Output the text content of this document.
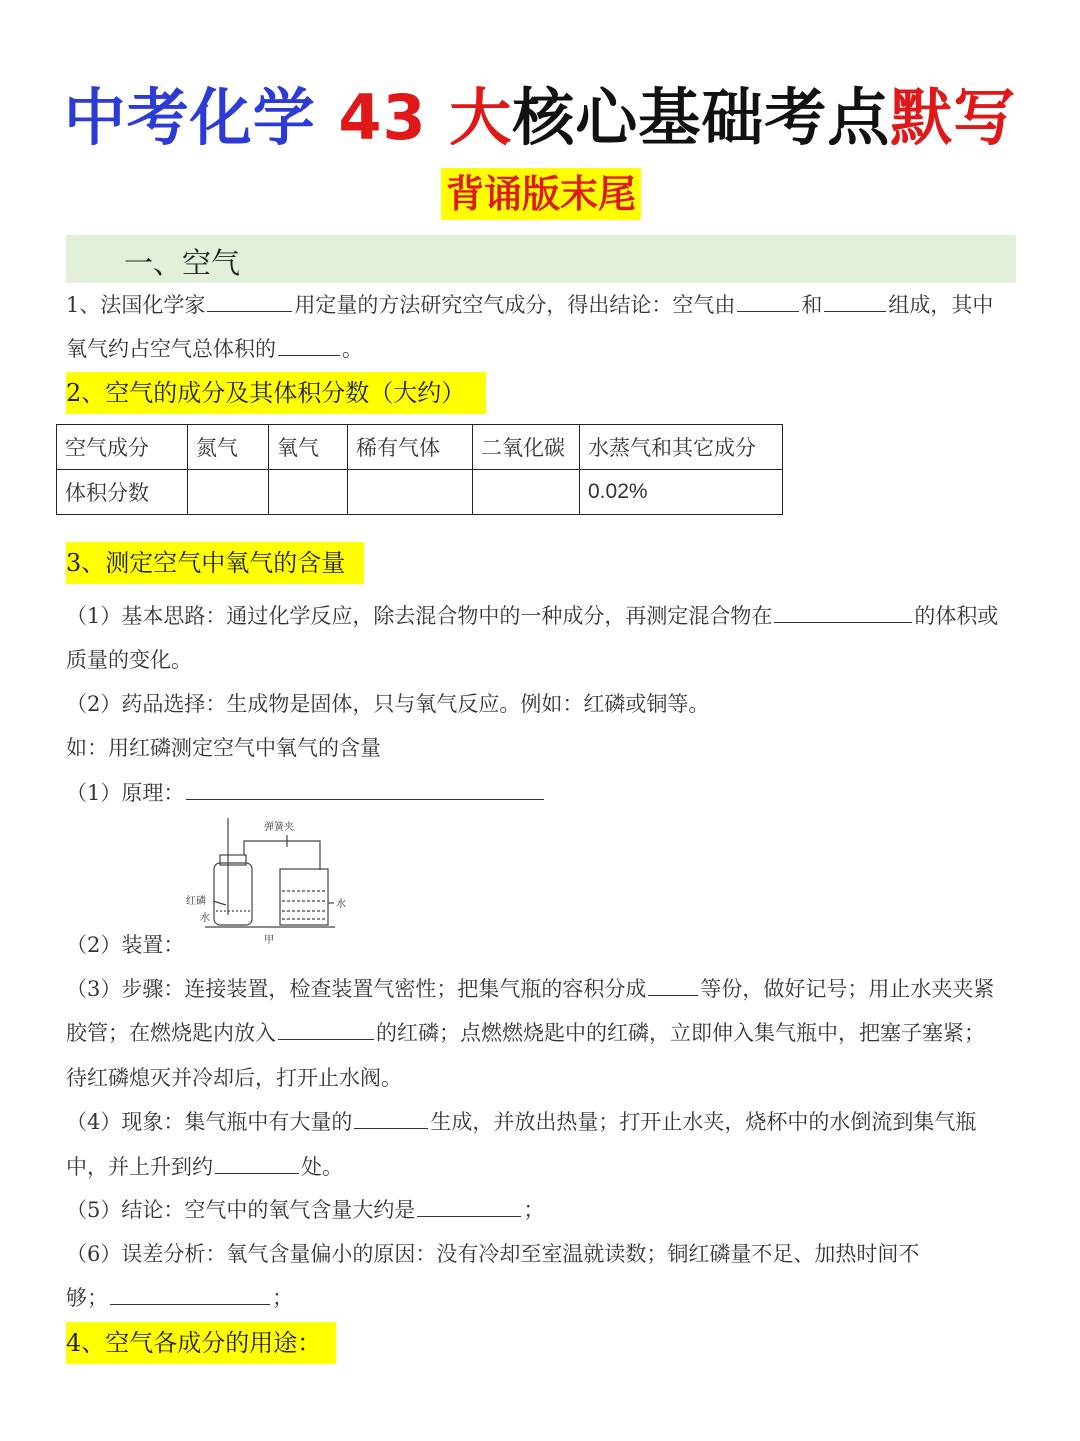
中考化学 43 大核心基础考点默写
背诵版末尾
一、空气
1、法国化学家	用定量的方法研究空气成分，得出结论：空气由	和	组成，其中
氧气约占空气总体积的	。
2、空气的成分及其体积分数（大约）
空气成分	氮气	氧气	稀有气体	二氧化碳	水蒸气和其它成分
体积分数					0.02%
3、测定空气中氧气的含量
（1）基本思路：通过化学反应，除去混合物中的一种成分，再测定混合物在	的体积或
质量的变化。
（2）药品选择：生成物是固体，只与氧气反应。例如：红磷或铜等。
如：用红磷测定空气中氧气的含量
（1）原理：
弹簧夹
红磷
水
水
甲
（2）装置：
（3）步骤：连接装置，检查装置气密性；把集气瓶的容积分成	等份，做好记号；用止水夹夹紧
胶管；在燃烧匙内放入	的红磷；点燃燃烧匙中的红磷，立即伸入集气瓶中，把塞子塞紧；
待红磷熄灭并冷却后，打开止水阀。
（4）现象：集气瓶中有大量的	生成，并放出热量；打开止水夹，烧杯中的水倒流到集气瓶
中，并上升到约	处。
（5）结论：空气中的氧气含量大约是	；
（6）误差分析：氧气含量偏小的原因：没有冷却至室温就读数；铜红磷量不足、加热时间不
够；	；
4、空气各成分的用途：
